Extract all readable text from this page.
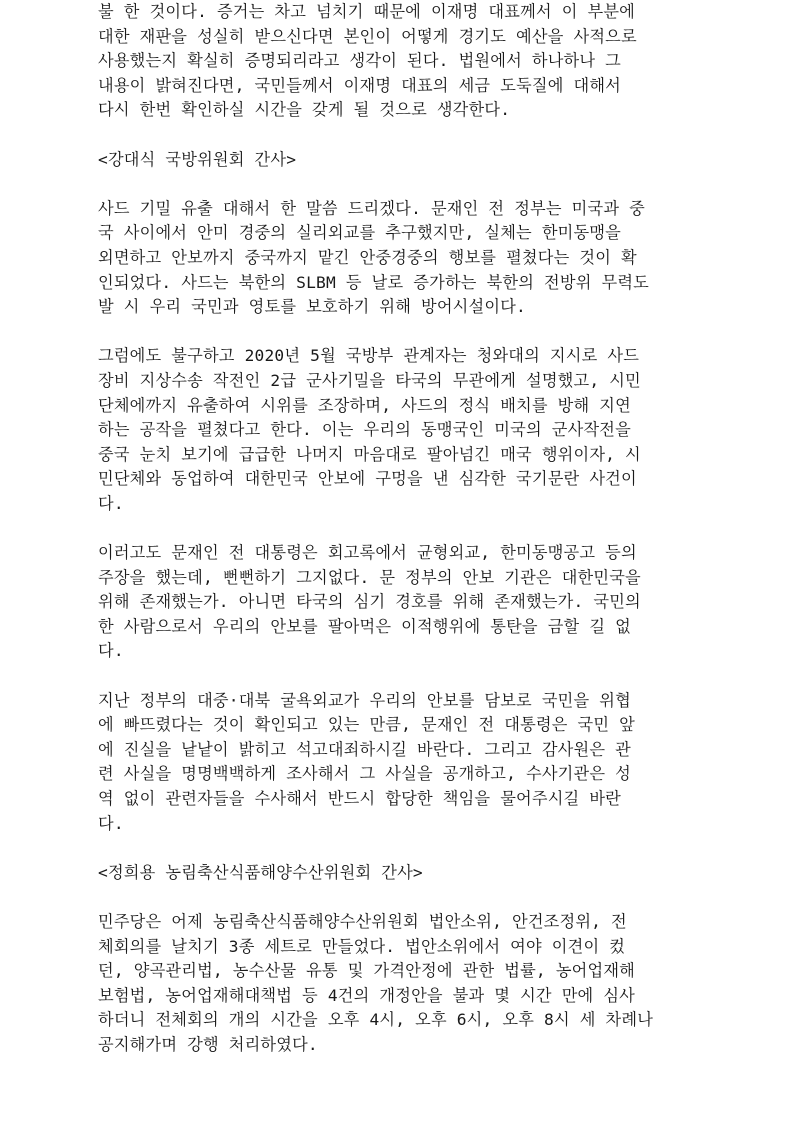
불 한 것이다. 증거는 차고 넘치기 때문에 이재명 대표께서 이 부분에
대한 재판을 성실히 받으신다면 본인이 어떻게 경기도 예산을 사적으로
사용했는지 확실히 증명되리라고 생각이 된다. 법원에서 하나하나 그
내용이 밝혀진다면, 국민들께서 이재명 대표의 세금 도둑질에 대해서
다시 한번 확인하실 시간을 갖게 될 것으로 생각한다.
<강대식 국방위원회 간사>
사드 기밀 유출 대해서 한 말씀 드리겠다. 문재인 전 정부는 미국과 중
국 사이에서 안미 경중의 실리외교를 추구했지만, 실체는 한미동맹을
외면하고 안보까지 중국까지 맡긴 안중경중의 행보를 펼쳤다는 것이 확
인되었다. 사드는 북한의 SLBM 등 날로 증가하는 북한의 전방위 무력도
발 시 우리 국민과 영토를 보호하기 위해 방어시설이다.
그럼에도 불구하고 2020년 5월 국방부 관계자는 청와대의 지시로 사드
장비 지상수송 작전인 2급 군사기밀을 타국의 무관에게 설명했고, 시민
단체에까지 유출하여 시위를 조장하며, 사드의 정식 배치를 방해 지연
하는 공작을 펼쳤다고 한다. 이는 우리의 동맹국인 미국의 군사작전을
중국 눈치 보기에 급급한 나머지 마음대로 팔아넘긴 매국 행위이자, 시
민단체와 동업하여 대한민국 안보에 구멍을 낸 심각한 국기문란 사건이
다.
이러고도 문재인 전 대통령은 회고록에서 균형외교, 한미동맹공고 등의
주장을 했는데, 뻔뻔하기 그지없다. 문 정부의 안보 기관은 대한민국을
위해 존재했는가. 아니면 타국의 심기 경호를 위해 존재했는가. 국민의
한 사람으로서 우리의 안보를 팔아먹은 이적행위에 통탄을 금할 길 없
다.
지난 정부의 대중·대북 굴욕외교가 우리의 안보를 담보로 국민을 위협
에 빠뜨렸다는 것이 확인되고 있는 만큼, 문재인 전 대통령은 국민 앞
에 진실을 낱낱이 밝히고 석고대죄하시길 바란다. 그리고 감사원은 관
련 사실을 명명백백하게 조사해서 그 사실을 공개하고, 수사기관은 성
역 없이 관련자들을 수사해서 반드시 합당한 책임을 물어주시길 바란
다.
<정희용 농림축산식품해양수산위원회 간사>
민주당은 어제 농림축산식품해양수산위원회 법안소위, 안건조정위, 전
체회의를 날치기 3종 세트로 만들었다. 법안소위에서 여야 이견이 컸
던, 양곡관리법, 농수산물 유통 및 가격안정에 관한 법률, 농어업재해
보험법, 농어업재해대책법 등 4건의 개정안을 불과 몇 시간 만에 심사
하더니 전체회의 개의 시간을 오후 4시, 오후 6시, 오후 8시 세 차례나
공지해가며 강행 처리하였다.
